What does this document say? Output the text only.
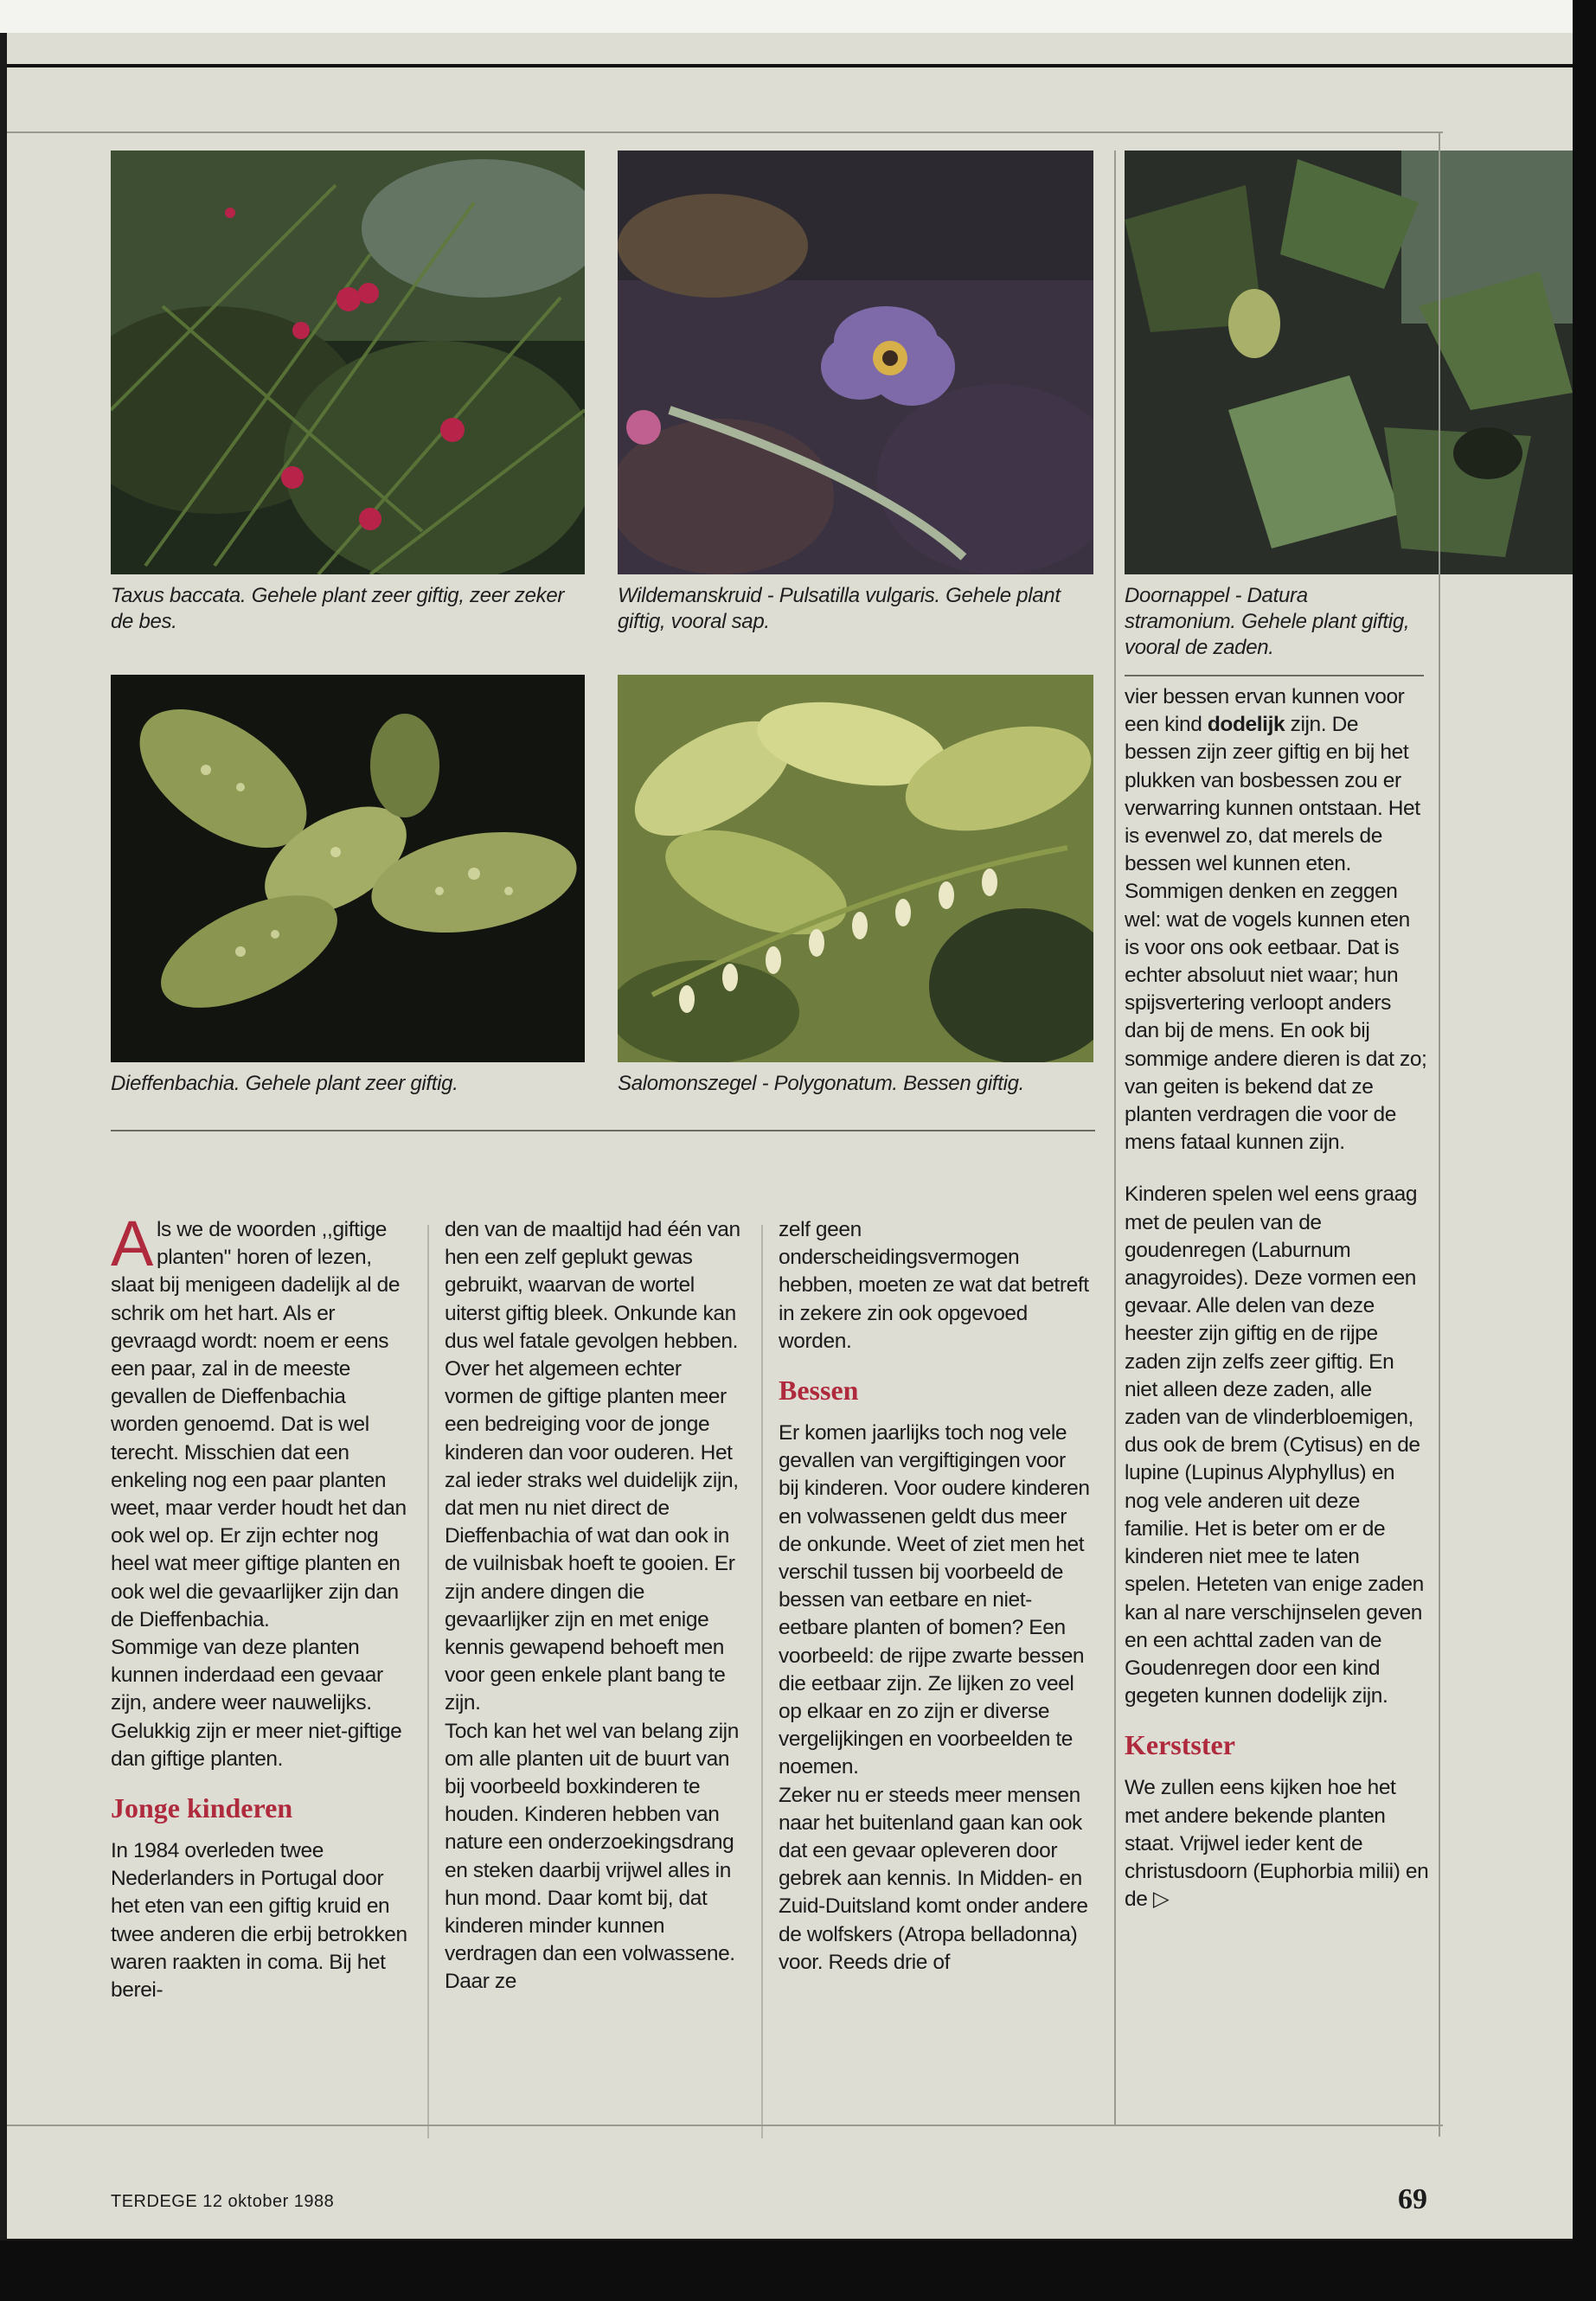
Taxus baccata. Gehele plant zeer giftig, zeer zeker de bes.
Wildemanskruid - Pulsatilla vulgaris. Gehele plant giftig, vooral sap.
Doornappel - Datura stramonium. Gehele plant giftig, vooral de zaden.
Dieffenbachia. Gehele plant zeer giftig.	Salomonszegel - Polygonatum. Bessen giftig.

Als we de woorden ,,giftige planten'' horen of lezen, slaat bij menigeen dadelijk al de schrik om het hart. Als er gevraagd wordt: noem er eens een paar, zal in de meeste gevallen de Dieffenbachia worden genoemd. Dat is wel terecht. Misschien dat een enkeling nog een paar planten weet, maar verder houdt het dan ook wel op. Er zijn echter nog heel wat meer giftige planten en ook wel die gevaarlijker zijn dan de Dieffenbachia.

Sommige van deze planten kunnen inderdaad een gevaar zijn, andere weer nauwelijks. Gelukkig zijn er meer niet-giftige dan giftige planten.

Jonge kinderen

In 1984 overleden twee Nederlanders in Portugal door het eten van een giftig kruid en twee anderen die erbij betrokken waren raakten in coma. Bij het berei-

den van de maaltijd had één van hen een zelf geplukt gewas gebruikt, waarvan de wortel uiterst giftig bleek. Onkunde kan dus wel fatale gevolgen hebben.

Over het algemeen echter vormen de giftige planten meer een bedreiging voor de jonge kinderen dan voor ouderen. Het zal ieder straks wel duidelijk zijn, dat men nu niet direct de Dieffenbachia of wat dan ook in de vuilnisbak hoeft te gooien. Er zijn andere dingen die gevaarlijker zijn en met enige kennis gewapend behoeft men voor geen enkele plant bang te zijn.

Toch kan het wel van belang zijn om alle planten uit de buurt van bij voorbeeld boxkinderen te houden. Kinderen hebben van nature een onderzoekingsdrang en steken daarbij vrijwel alles in hun mond. Daar komt bij, dat kinderen minder kunnen verdragen dan een volwassene. Daar ze

zelf geen onderscheidingsvermogen hebben, moeten ze wat dat betreft in zekere zin ook opgevoed worden.

Bessen

Er komen jaarlijks toch nog vele gevallen van vergiftigingen voor bij kinderen. Voor oudere kinderen en volwassenen geldt dus meer de onkunde. Weet of ziet men het verschil tussen bij voorbeeld de bessen van eetbare en niet-eetbare planten of bomen? Een voorbeeld: de rijpe zwarte bessen die eetbaar zijn. Ze lijken zo veel op elkaar en zo zijn er diverse vergelijkingen en voorbeelden te noemen.

Zeker nu er steeds meer mensen naar het buitenland gaan kan ook dat een gevaar opleveren door gebrek aan kennis. In Midden- en Zuid-Duitsland komt onder andere de wolfskers (Atropa belladonna) voor. Reeds drie of

vier bessen ervan kunnen voor een kind dodelijk zijn. De bessen zijn zeer giftig en bij het plukken van bosbessen zou er verwarring kunnen ontstaan. Het is evenwel zo, dat merels de bessen wel kunnen eten. Sommigen denken en zeggen wel: wat de vogels kunnen eten is voor ons ook eetbaar. Dat is echter absoluut niet waar; hun spijsvertering verloopt anders dan bij de mens. En ook bij sommige andere dieren is dat zo; van geiten is bekend dat ze planten verdragen die voor de mens fataal kunnen zijn.

Kinderen spelen wel eens graag met de peulen van de goudenregen (Laburnum anagyroides). Deze vormen een gevaar. Alle delen van deze heester zijn giftig en de rijpe zaden zijn zelfs zeer giftig. En niet alleen deze zaden, alle zaden van de vlinderbloemigen, dus ook de brem (Cytisus) en de lupine (Lupinus Alyphyllus) en nog vele anderen uit deze familie. Het is beter om er de kinderen niet mee te laten spelen. Heteten van enige zaden kan al nare verschijnselen geven en een achttal zaden van de Goudenregen door een kind gegeten kunnen dodelijk zijn.

Kerstster

We zullen eens kijken hoe het met andere bekende planten staat. Vrijwel ieder kent de christusdoorn (Euphorbia milii) en de ▷

TERDEGE 12 oktober 1988	69
